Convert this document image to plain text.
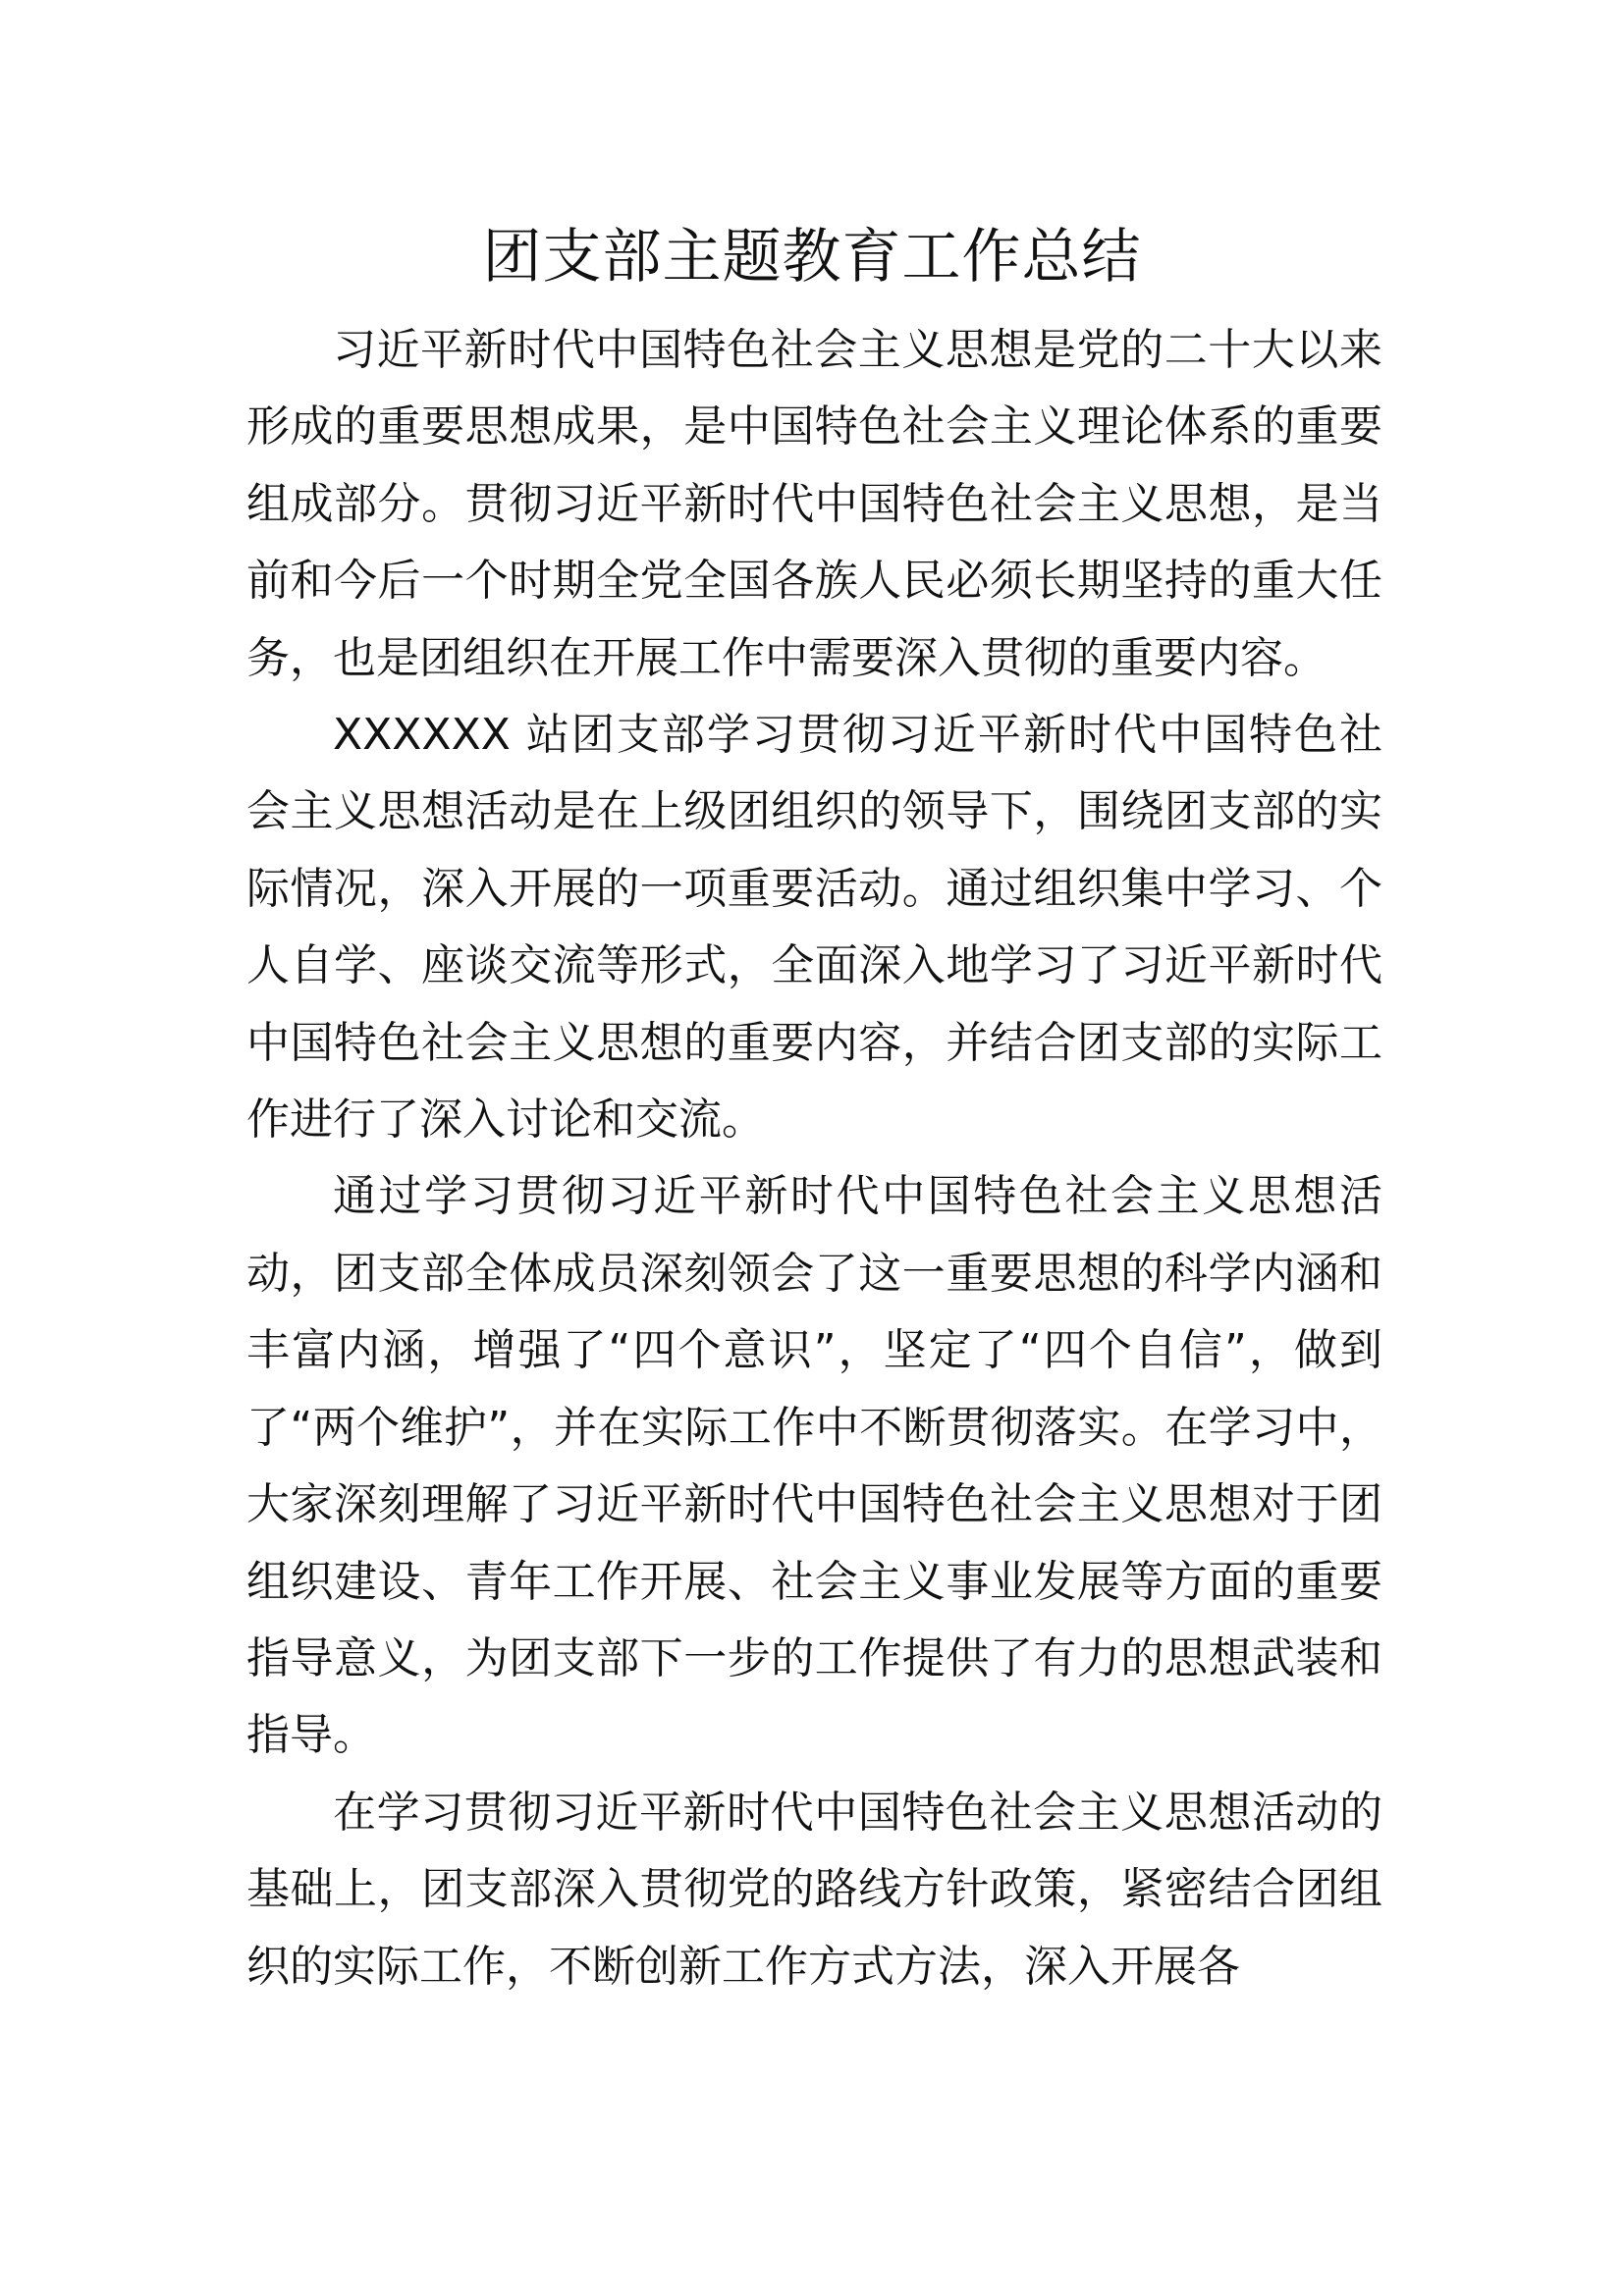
团支部主题教育工作总结

习近平新时代中国特色社会主义思想是党的二十大以来形成的重要思想成果，是中国特色社会主义理论体系的重要组成部分。贯彻习近平新时代中国特色社会主义思想，是当前和今后一个时期全党全国各族人民必须长期坚持的重大任务，也是团组织在开展工作中需要深入贯彻的重要内容。

XXXXXX 站团支部学习贯彻习近平新时代中国特色社会主义思想活动是在上级团组织的领导下，围绕团支部的实际情况，深入开展的一项重要活动。通过组织集中学习、个人自学、座谈交流等形式，全面深入地学习了习近平新时代中国特色社会主义思想的重要内容，并结合团支部的实际工作进行了深入讨论和交流。

通过学习贯彻习近平新时代中国特色社会主义思想活动，团支部全体成员深刻领会了这一重要思想的科学内涵和丰富内涵，增强了“四个意识”，坚定了“四个自信”，做到了“两个维护”，并在实际工作中不断贯彻落实。在学习中，大家深刻理解了习近平新时代中国特色社会主义思想对于团组织建设、青年工作开展、社会主义事业发展等方面的重要指导意义，为团支部下一步的工作提供了有力的思想武装和指导。

在学习贯彻习近平新时代中国特色社会主义思想活动的基础上，团支部深入贯彻党的路线方针政策，紧密结合团组织的实际工作，不断创新工作方式方法，深入开展各
